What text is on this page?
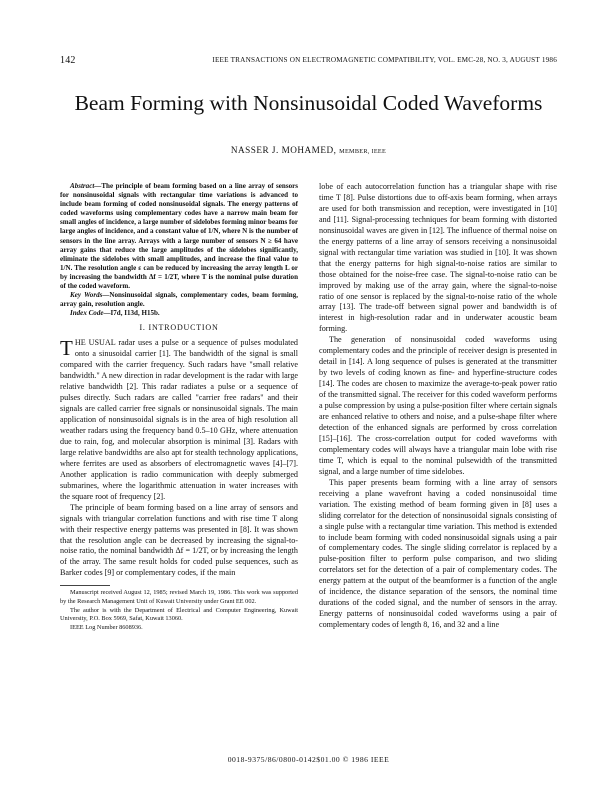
142	IEEE TRANSACTIONS ON ELECTROMAGNETIC COMPATIBILITY, VOL. EMC-28, NO. 3, AUGUST 1986
Beam Forming with Nonsinusoidal Coded Waveforms
NASSER J. MOHAMED, MEMBER, IEEE

Abstract—The principle of beam forming based on a line array of sensors for nonsinusoidal signals with rectangular time variations is advanced to include beam forming of coded nonsinusoidal signals. The energy patterns of coded waveforms using complementary codes have a narrow main beam for small angles of incidence, a large number of sidelobes forming minor beams for large angles of incidence, and a constant value of 1/N, where N is the number of sensors in the line array. Arrays with a large number of sensors N ≥ 64 have array gains that reduce the large amplitudes of the sidelobes significantly, eliminate the sidelobes with small amplitudes, and increase the final value to 1/N. The resolution angle ε can be reduced by increasing the array length L or by increasing the bandwidth Δf = 1/2T, where T is the nominal pulse duration of the coded waveform.

Key Words—Nonsinusoidal signals, complementary codes, beam forming, array gain, resolution angle.

Index Code—I7d, I13d, H15b.

I. INTRODUCTION

THE USUAL radar uses a pulse or a sequence of pulses modulated onto a sinusoidal carrier [1]. The bandwidth of the signal is small compared with the carrier frequency. Such radars have "small relative bandwidth." A new direction in radar development is the radar with large relative bandwidth [2]. This radar radiates a pulse or a sequence of pulses directly. Such radars are called "carrier free radars" and their signals are called carrier free signals or nonsinusoidal signals. The main application of nonsinusoidal signals is in the area of high resolution all weather radars using the frequency band 0.5–10 GHz, where attenuation due to rain, fog, and molecular absorption is minimal [3]. Radars with large relative bandwidths are also apt for stealth technology applications, where ferrites are used as absorbers of electromagnetic waves [4]–[7]. Another application is radio communication with deeply submerged submarines, where the logarithmic attenuation in water increases with the square root of frequency [2].

The principle of beam forming based on a line array of sensors and signals with triangular correlation functions and with rise time T along with their respective energy patterns was presented in [8]. It was shown that the resolution angle can be decreased by increasing the signal-to-noise ratio, the nominal bandwidth Δf = 1/2T, or by increasing the length of the array. The same result holds for coded pulse sequences, such as Barker codes [9] or complementary codes, if the main

Manuscript received August 12, 1985; revised March 19, 1986. This work was supported by the Research Management Unit of Kuwait University under Grant EE 002.

The author is with the Department of Electrical and Computer Engineering, Kuwait University, P.O. Box 5969, Safat, Kuwait 13060.

IEEE Log Number 8608936.

lobe of each autocorrelation function has a triangular shape with rise time T [8]. Pulse distortions due to off-axis beam forming, when arrays are used for both transmission and reception, were investigated in [10] and [11]. Signal-processing techniques for beam forming with distorted nonsinusoidal waves are given in [12]. The influence of thermal noise on the energy patterns of a line array of sensors receiving a nonsinusoidal signal with rectangular time variation was studied in [10]. It was shown that the energy patterns for high signal-to-noise ratios are similar to those obtained for the noise-free case. The signal-to-noise ratio can be improved by making use of the array gain, where the signal-to-noise ratio of one sensor is replaced by the signal-to-noise ratio of the whole array [13]. The trade-off between signal power and bandwidth is of interest in high-resolution radar and in underwater acoustic beam forming.

The generation of nonsinusoidal coded waveforms using complementary codes and the principle of receiver design is presented in detail in [14]. A long sequence of pulses is generated at the transmitter by two levels of coding known as fine- and hyperfine-structure codes [14]. The codes are chosen to maximize the average-to-peak power ratio of the transmitted signal. The receiver for this coded waveform performs a pulse compression by using a pulse-position filter where certain signals are enhanced relative to others and noise, and a pulse-shape filter where detection of the enhanced signals are performed by cross correlation [15]–[16]. The cross-correlation output for coded waveforms with complementary codes will always have a triangular main lobe with rise time T, which is equal to the nominal pulsewidth of the transmitted signal, and a large number of time sidelobes.

This paper presents beam forming with a line array of sensors receiving a plane wavefront having a coded nonsinusoidal time variation. The existing method of beam forming given in [8] uses a sliding correlator for the detection of nonsinusoidal signals consisting of a single pulse with a rectangular time variation. This method is extended to include beam forming with coded nonsinusoidal signals using a pair of complementary codes. The single sliding correlator is replaced by a pulse-position filter to perform pulse comparison, and two sliding correlators set for the detection of a pair of complementary codes. The energy pattern at the output of the beamformer is a function of the angle of incidence, the distance separation of the sensors, the nominal time durations of the coded signal, and the number of sensors in the array. Energy patterns of nonsinusoidal coded waveforms using a pair of complementary codes of length 8, 16, and 32 and a line

0018-9375/86/0800-0142$01.00 © 1986 IEEE
